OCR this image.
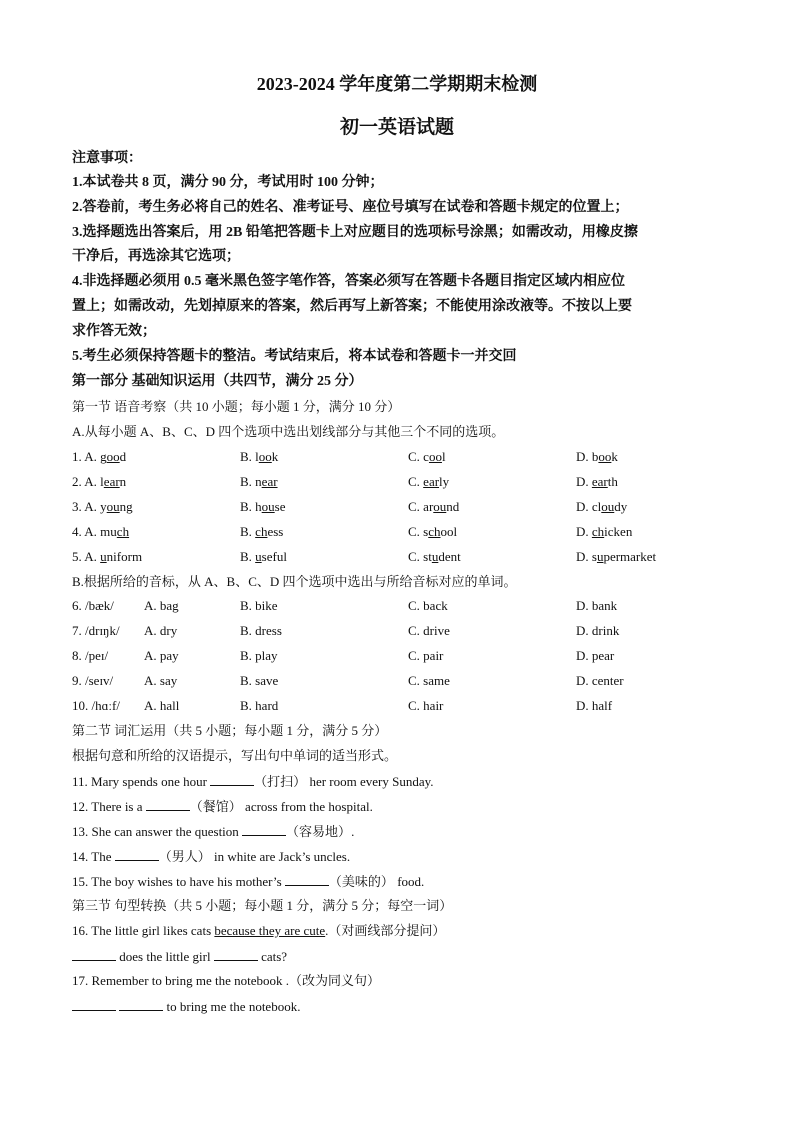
2023-2024 学年度第二学期期末检测
初一英语试题
注意事项：
1.本试卷共 8 页，满分 90 分，考试用时 100 分钟；
2.答卷前，考生务必将自己的姓名、准考证号、座位号填写在试卷和答题卡规定的位置上；
3.选择题选出答案后，用 2B 铅笔把答题卡上对应题目的选项标号涂黑；如需改动，用橡皮擦
干净后，再选涂其它选项；
4.非选择题必须用 0.5 毫米黑色签字笔作答，答案必须写在答题卡各题目指定区域内相应位
置上；如需改动，先划掉原来的答案，然后再写上新答案；不能使用涂改液等。不按以上要
求作答无效；
5.考生必须保持答题卡的整洁。考试结束后，将本试卷和答题卡一并交回
第一部分 基础知识运用（共四节，满分 25 分）
第一节 语音考察（共 10 小题；每小题 1 分，满分 10 分）
A.从每小题 A、B、C、D 四个选项中选出划线部分与其他三个不同的选项。
1. A. good	B. look	C. cool	D. book
2. A. learn	B. near	C. early	D. earth
3. A. young	B. house	C. around	D. cloudy
4. A. much	B. chess	C. school	D. chicken
5. A. uniform	B. useful	C. student	D. supermarket
B.根据所给的音标，从 A、B、C、D 四个选项中选出与所给音标对应的单词。
6. /bæk/ A. bag	B. bike	C. back	D. bank
7. /drɪŋk/ A. dry	B. dress	C. drive	D. drink
8. /peɪ/	A. pay	B. play	C. pair	D. pear
9. /seɪv/ A. say	B. save	C. same	D. center
10. /hɑːf/ A. hall	B. hard	C. hair	D. half
第二节 词汇运用（共 5 小题；每小题 1 分，满分 5 分）
根据句意和所给的汉语提示，写出句中单词的适当形式。
11. Mary spends one hour	（打扫） her room every Sunday.
12. There is a	（餐馆） across from the hospital.
13. She can answer the question	（容易地）.
14. The	（男人） in white are Jack’s uncles.
15. The boy wishes to have his mother’s	（美味的） food.
第三节 句型转换（共 5 小题；每小题 1 分，满分 5 分；每空一词）
16. The little girl likes cats because they are cute.（对画线部分提问）
does the little girl	cats?
17. Remember to bring me the notebook .（改为同义句）
to bring me the notebook.
